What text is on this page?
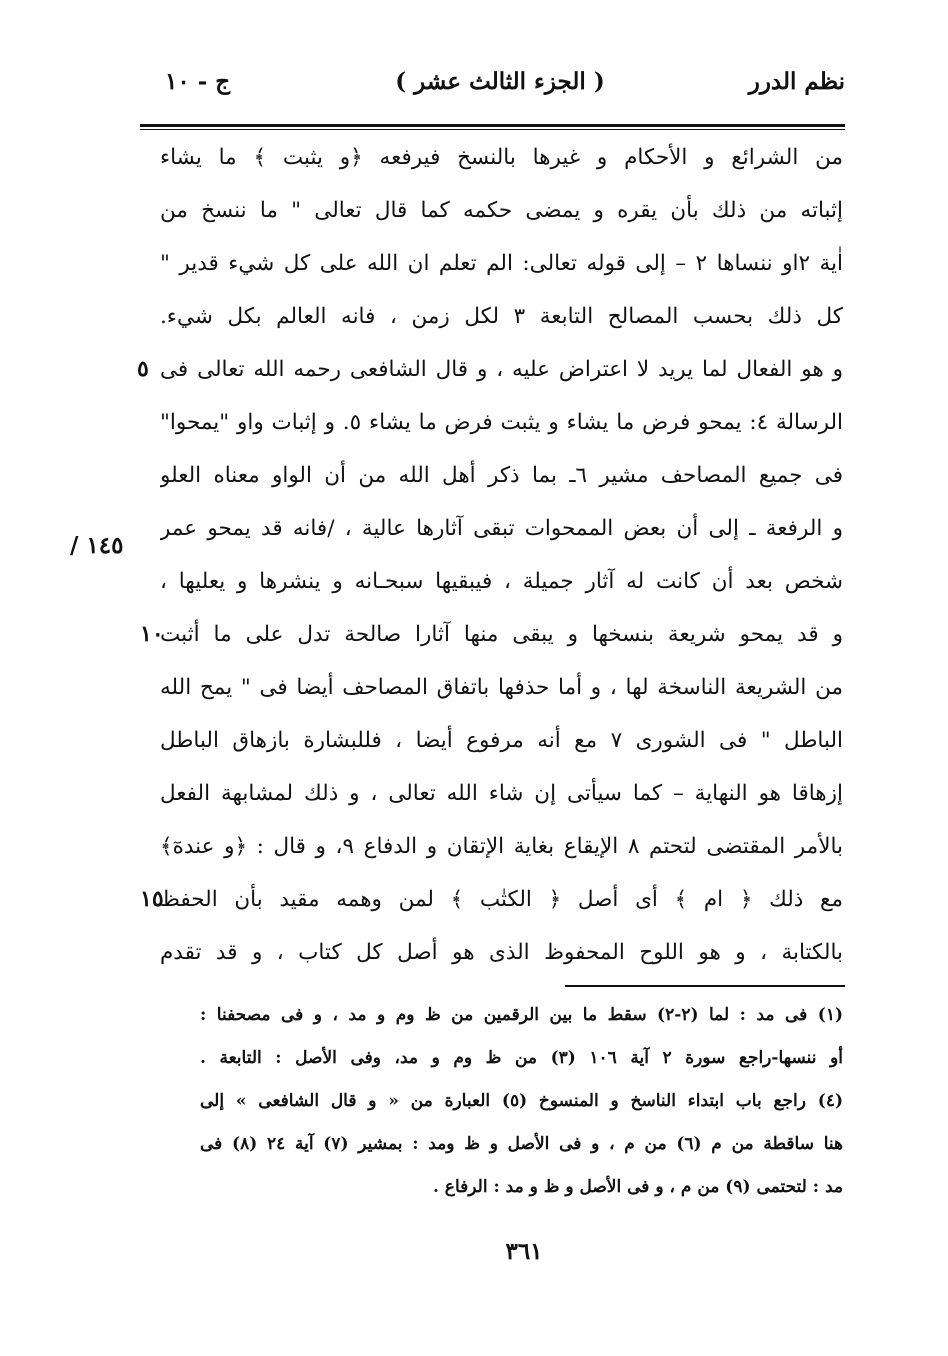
نظم الدرر
( الجزء الثالث عشر )
ج - ١٠
من الشرائع و الأحكام و غيرها بالنسخ فيرفعه ﴿و يثبت ﴾ ما يشاء
إثباته من ذلك بأن يقره و يمضى حكمه كما قال تعالى " ما ننسخ من
اٰية ٢او ننساها ٢ – إلى قوله تعالى: الم تعلم ان الله على كل شيء قدير "
كل ذلك بحسب المصالح التابعة ٣ لكل زمن ، فانه العالم بكل شيء.
و هو الفعال لما يريد لا اعتراض عليه ، و قال الشافعى رحمه الله تعالى فى
الرسالة ٤: يمحو فرض ما يشاء و يثبت فرض ما يشاء ٥. و إثبات واو "يمحوا"
فى جميع المصاحف مشير ٦ـ بما ذكر أهل الله من أن الواو معناه العلو
و الرفعة ـ إلى أن بعض الممحوات تبقى آثارها عالية ، /فانه قد يمحو عمر
شخص بعد أن كانت له آثار جميلة ، فيبقيها سبحـانه و ينشرها و يعليها ،
و قد يمحو شريعة بنسخها و يبقى منها آثارا صالحة تدل على ما أثبت
من الشريعة الناسخة لها ، و أما حذفها باتفاق المصاحف أيضا فى " يمح الله
الباطل " فى الشورى ٧ مع أنه مرفوع أيضا ، فللبشارة بازهاق الباطل
إزهاقا هو النهاية – كما سيأتى إن شاء الله تعالى ، و ذلك لمشابهة الفعل
بالأمر المقتضى لتحتم ٨ الإيقاع بغاية الإتقان و الدفاع ٩، و قال : ﴿و عندهٓ﴾
مع ذلك ﴿ ام ﴾ أى أصل ﴿ الكتٰب ﴾ لمن وهمه مقيد بأن الحفظ
بالكتابة ، و هو اللوح المحفوظ الذى هو أصل كل كتاب ، و قد تقدم
٥
١٠
١٥
١٤٥ /
(١) فى مد : لما (٢-٢) سقط ما بين الرقمين من ظ وم و مد ، و فى مصحفنا :
أو ننسها-راجع سورة ٢ آية ١٠٦ (٣) من ظ وم و مد، وفى الأصل : التابعة .
(٤) راجع باب ابتداء الناسخ و المنسوخ (٥) العبارة من « و قال الشافعى » إلى
هنا ساقطة من م (٦) من م ، و فى الأصل و ظ ومد : بمشير (٧) آية ٢٤ (٨) فى
مد : لتحتمى (٩) من م ، و فى الأصل و ظ و مد : الرفاع .
٣٦١
